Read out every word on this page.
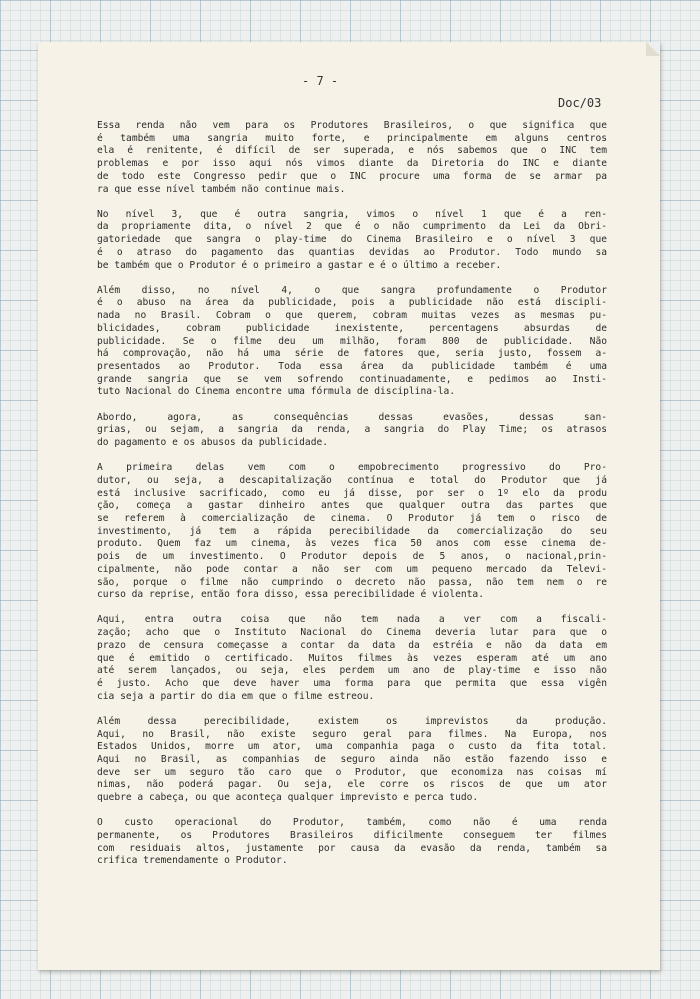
- 7 -
Doc/03
Essa renda não vem para os Produtores Brasileiros, o que significa que
é também uma sangria muito forte, e principalmente em alguns centros
ela é renitente, é difícil de ser superada, e nós sabemos que o INC tem
problemas e por isso aqui nós vimos diante da Diretoria do INC e diante
de todo este Congresso pedir que o INC procure uma forma de se armar pa
ra que esse nível também não continue mais.
No nível 3, que é outra sangria, vimos o nível 1 que é a ren-
da propriamente dita, o nível 2 que é o não cumprimento da Lei da Obri-
gatoriedade que sangra o play-time do Cinema Brasileiro e o nível 3 que
é o atraso do pagamento das quantias devidas ao Produtor. Todo mundo sa
be também que o Produtor é o primeiro a gastar e é o último a receber.
Além disso, no nível 4, o que sangra profundamente o Produtor
é o abuso na área da publicidade, pois a publicidade não está discipli-
nada no Brasil. Cobram o que querem, cobram muitas vezes as mesmas pu-
blicidades, cobram publicidade inexistente, percentagens absurdas de
publicidade. Se o filme deu um milhão, foram 800 de publicidade. Não
há comprovação, não há uma série de fatores que, seria justo, fossem a-
presentados ao Produtor. Toda essa área da publicidade também é uma
grande sangria que se vem sofrendo continuadamente, e pedimos ao Insti-
tuto Nacional do Cinema encontre uma fórmula de disciplina-la.
Abordo, agora, as consequências dessas evasões, dessas san-
grias, ou sejam, a sangria da renda, a sangria do Play Time; os atrasos
do pagamento e os abusos da publicidade.
A primeira delas vem com o empobrecimento progressivo do Pro-
dutor, ou seja, a descapitalização contínua e total do Produtor que já
está inclusive sacrificado, como eu já disse, por ser o 1º elo da produ
ção, começa a gastar dinheiro antes que qualquer outra das partes que
se referem à comercialização de cinema. O Produtor já tem o risco de
investimento, já tem a rápida perecibilidade da comercialização do seu
produto. Quem faz um cinema, às vezes fica 50 anos com esse cinema de-
pois de um investimento. O Produtor depois de 5 anos, o nacional,prin-
cipalmente, não pode contar a não ser com um pequeno mercado da Televi-
são, porque o filme não cumprindo o decreto não passa, não tem nem o re
curso da reprise, então fora disso, essa perecibilidade é violenta.
Aqui, entra outra coisa que não tem nada a ver com a fiscali-
zação; acho que o Instituto Nacional do Cinema deveria lutar para que o
prazo de censura começasse a contar da data da estréia e não da data em
que é emitido o certificado. Muitos filmes às vezes esperam até um ano
até serem lançados, ou seja, eles perdem um ano de play-time e isso não
é justo. Acho que deve haver uma forma para que permita que essa vigên
cia seja a partir do dia em que o filme estreou.
Além dessa perecibilidade, existem os imprevistos da produção.
Aqui, no Brasil, não existe seguro geral para filmes. Na Europa, nos
Estados Unidos, morre um ator, uma companhia paga o custo da fita total.
Aqui no Brasil, as companhias de seguro ainda não estão fazendo isso e
deve ser um seguro tão caro que o Produtor, que economiza nas coisas mí
nimas, não poderá pagar. Ou seja, ele corre os riscos de que um ator
quebre a cabeça, ou que aconteça qualquer imprevisto e perca tudo.
O custo operacional do Produtor, também, como não é uma renda
permanente, os Produtores Brasileiros dificilmente conseguem ter filmes
com residuais altos, justamente por causa da evasão da renda, também sa
crifica tremendamente o Produtor.
